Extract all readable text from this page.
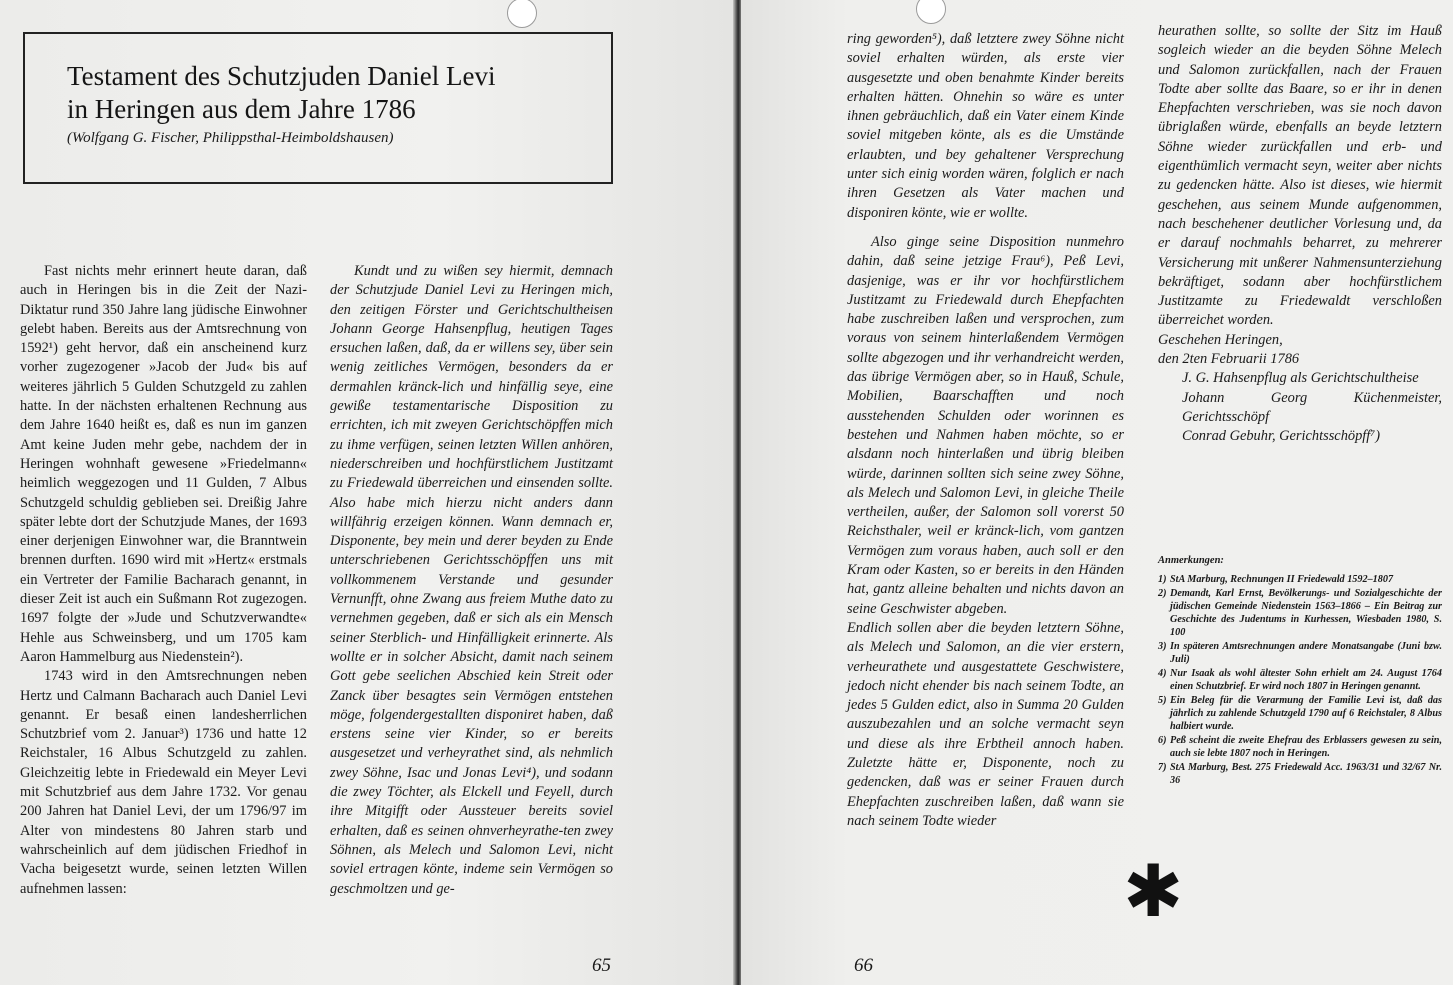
Testament des Schutzjuden Daniel Levi
in Heringen aus dem Jahre 1786
(Wolfgang G. Fischer, Philippsthal-Heimboldshausen)

Fast nichts mehr erinnert heute daran, daß auch in Heringen bis in die Zeit der Nazi-Diktatur rund 350 Jahre lang jüdische Einwohner gelebt haben. Bereits aus der Amtsrechnung von 1592¹) geht hervor, daß ein anscheinend kurz vorher zugezogener »Jacob der Jud« bis auf weiteres jährlich 5 Gulden Schutzgeld zu zahlen hatte. In der nächsten erhaltenen Rechnung aus dem Jahre 1640 heißt es, daß es nun im ganzen Amt keine Juden mehr gebe, nachdem der in Heringen wohnhaft gewesene »Friedelmann« heimlich weggezogen und 11 Gulden, 7 Albus Schutzgeld schuldig geblieben sei. Dreißig Jahre später lebte dort der Schutzjude Manes, der 1693 einer derjenigen Einwohner war, die Branntwein brennen durften. 1690 wird mit »Hertz« erstmals ein Vertreter der Familie Bacharach genannt, in dieser Zeit ist auch ein Sußmann Rot zugezogen. 1697 folgte der »Jude und Schutzverwandte« Hehle aus Schweinsberg, und um 1705 kam Aaron Hammelburg aus Niedenstein²).

1743 wird in den Amtsrechnungen neben Hertz und Calmann Bacharach auch Daniel Levi genannt. Er besaß einen landesherrlichen Schutzbrief vom 2. Januar³) 1736 und hatte 12 Reichstaler, 16 Albus Schutzgeld zu zahlen. Gleichzeitig lebte in Friedewald ein Meyer Levi mit Schutzbrief aus dem Jahre 1732. Vor genau 200 Jahren hat Daniel Levi, der um 1796/97 im Alter von mindestens 80 Jahren starb und wahrscheinlich auf dem jüdischen Friedhof in Vacha beigesetzt wurde, seinen letzten Willen aufnehmen lassen:

Kundt und zu wißen sey hiermit, demnach der Schutzjude Daniel Levi zu Heringen mich, den zeitigen Förster und Gerichtschultheisen Johann George Hahsenpflug, heutigen Tages ersuchen laßen, daß, da er willens sey, über sein wenig zeitliches Vermögen, besonders da er dermahlen kränck-lich und hinfällig seye, eine gewiße testamentarische Disposition zu errichten, ich mit zweyen Gerichtschöpffen mich zu ihme verfügen, seinen letzten Willen anhören, niederschreiben und hochfürstlichem Justitzamt zu Friedewald überreichen und einsenden sollte. Also habe mich hierzu nicht anders dann willfährig erzeigen können. Wann demnach er, Disponente, bey mein und derer beyden zu Ende unterschriebenen Gerichtsschöpffen uns mit vollkommenem Verstande und gesunder Vernunfft, ohne Zwang aus freiem Muthe dato zu vernehmen gegeben, daß er sich als ein Mensch seiner Sterblich- und Hinfälligkeit erinnerte. Als wollte er in solcher Absicht, damit nach seinem Gott gebe seelichen Abschied kein Streit oder Zanck über besagtes sein Vermögen entstehen möge, folgendergestallten disponiret haben, daß erstens seine vier Kinder, so er bereits ausgesetzet und verheyrathet sind, als nehmlich zwey Söhne, Isac und Jonas Levi⁴), und sodann die zwey Töchter, als Elckell und Feyell, durch ihre Mitgifft oder Aussteuer bereits soviel erhalten, daß es seinen ohnverheyrathe-ten zwey Söhnen, als Melech und Salomon Levi, nicht soviel ertragen könte, indeme sein Vermögen so geschmoltzen und ge-

65

ring geworden⁵), daß letztere zwey Söhne nicht soviel erhalten würden, als erste vier ausgesetzte und oben benahmte Kinder bereits erhalten hätten. Ohnehin so wäre es unter ihnen gebräuchlich, daß ein Vater einem Kinde soviel mitgeben könte, als es die Umstände erlaubten, und bey gehaltener Versprechung unter sich einig worden wären, folglich er nach ihren Gesetzen als Vater machen und disponiren könte, wie er wollte.

Also ginge seine Disposition nunmehro dahin, daß seine jetzige Frau⁶), Peß Levi, dasjenige, was er ihr vor hochfürstlichem Justitzamt zu Friedewald durch Ehepfachten habe zuschreiben laßen und versprochen, zum voraus von seinem hinterlaßendem Vermögen sollte abgezogen und ihr verhandreicht werden, das übrige Vermögen aber, so in Hauß, Schule, Mobilien, Baarschafften und noch ausstehenden Schulden oder worinnen es bestehen und Nahmen haben möchte, so er alsdann noch hinterlaßen und übrig bleiben würde, darinnen sollten sich seine zwey Söhne, als Melech und Salomon Levi, in gleiche Theile vertheilen, außer, der Salomon soll vorerst 50 Reichsthaler, weil er kränck-lich, vom gantzen Vermögen zum voraus haben, auch soll er den Kram oder Kasten, so er bereits in den Händen hat, gantz alleine behalten und nichts davon an seine Geschwister abgeben.

Endlich sollen aber die beyden letztern Söhne, als Melech und Salomon, an die vier erstern, verheurathete und ausgestattete Geschwistere, jedoch nicht ehender bis nach seinem Todte, an jedes 5 Gulden edict, also in Summa 20 Gulden auszubezahlen und an solche vermacht seyn und diese als ihre Erbtheil annoch haben. Zuletzte hätte er, Disponente, noch zu gedencken, daß was er seiner Frauen durch Ehepfachten zuschreiben laßen, daß wann sie nach seinem Todte wieder

heurathen sollte, so sollte der Sitz im Hauß sogleich wieder an die beyden Söhne Melech und Salomon zurückfallen, nach der Frauen Todte aber sollte das Baare, so er ihr in denen Ehepfachten verschrieben, was sie noch davon übriglaßen würde, ebenfalls an beyde letztern Söhne wieder zurückfallen und erb- und eigenthümlich vermacht seyn, weiter aber nichts zu gedencken hätte. Also ist dieses, wie hiermit geschehen, aus seinem Munde aufgenommen, nach beschehener deutlicher Vorlesung und, da er darauf nochmahls beharret, zu mehrerer Versicherung mit unßerer Nahmensunterziehung bekräftiget, sodann aber hochfürstlichem Justitzamte zu Friedewaldt verschloßen überreichet worden.

Geschehen Heringen,
den 2ten Februarii 1786
J. G. Hahsenpflug als Gerichtschultheise
Johann Georg Küchenmeister, Gerichtsschöpf
Conrad Gebuhr, Gerichtsschöpff⁷)
Anmerkungen:
1) StA Marburg, Rechnungen II Friedewald 1592–1807
2) Demandt, Karl Ernst, Bevölkerungs- und Sozialgeschichte der jüdischen Gemeinde Niedenstein 1563–1866 – Ein Beitrag zur Geschichte des Judentums in Kurhessen, Wiesbaden 1980, S. 100
3) In späteren Amtsrechnungen andere Monatsangabe (Juni bzw. Juli)
4) Nur Isaak als wohl ältester Sohn erhielt am 24. August 1764 einen Schutzbrief. Er wird noch 1807 in Heringen genannt.
5) Ein Beleg für die Verarmung der Familie Levi ist, daß das jährlich zu zahlende Schutzgeld 1790 auf 6 Reichstaler, 8 Albus halbiert wurde.
6) Peß scheint die zweite Ehefrau des Erblassers gewesen zu sein, auch sie lebte 1807 noch in Heringen.
7) StA Marburg, Best. 275 Friedewald Acc. 1963/31 und 32/67 Nr. 36
✱
66
